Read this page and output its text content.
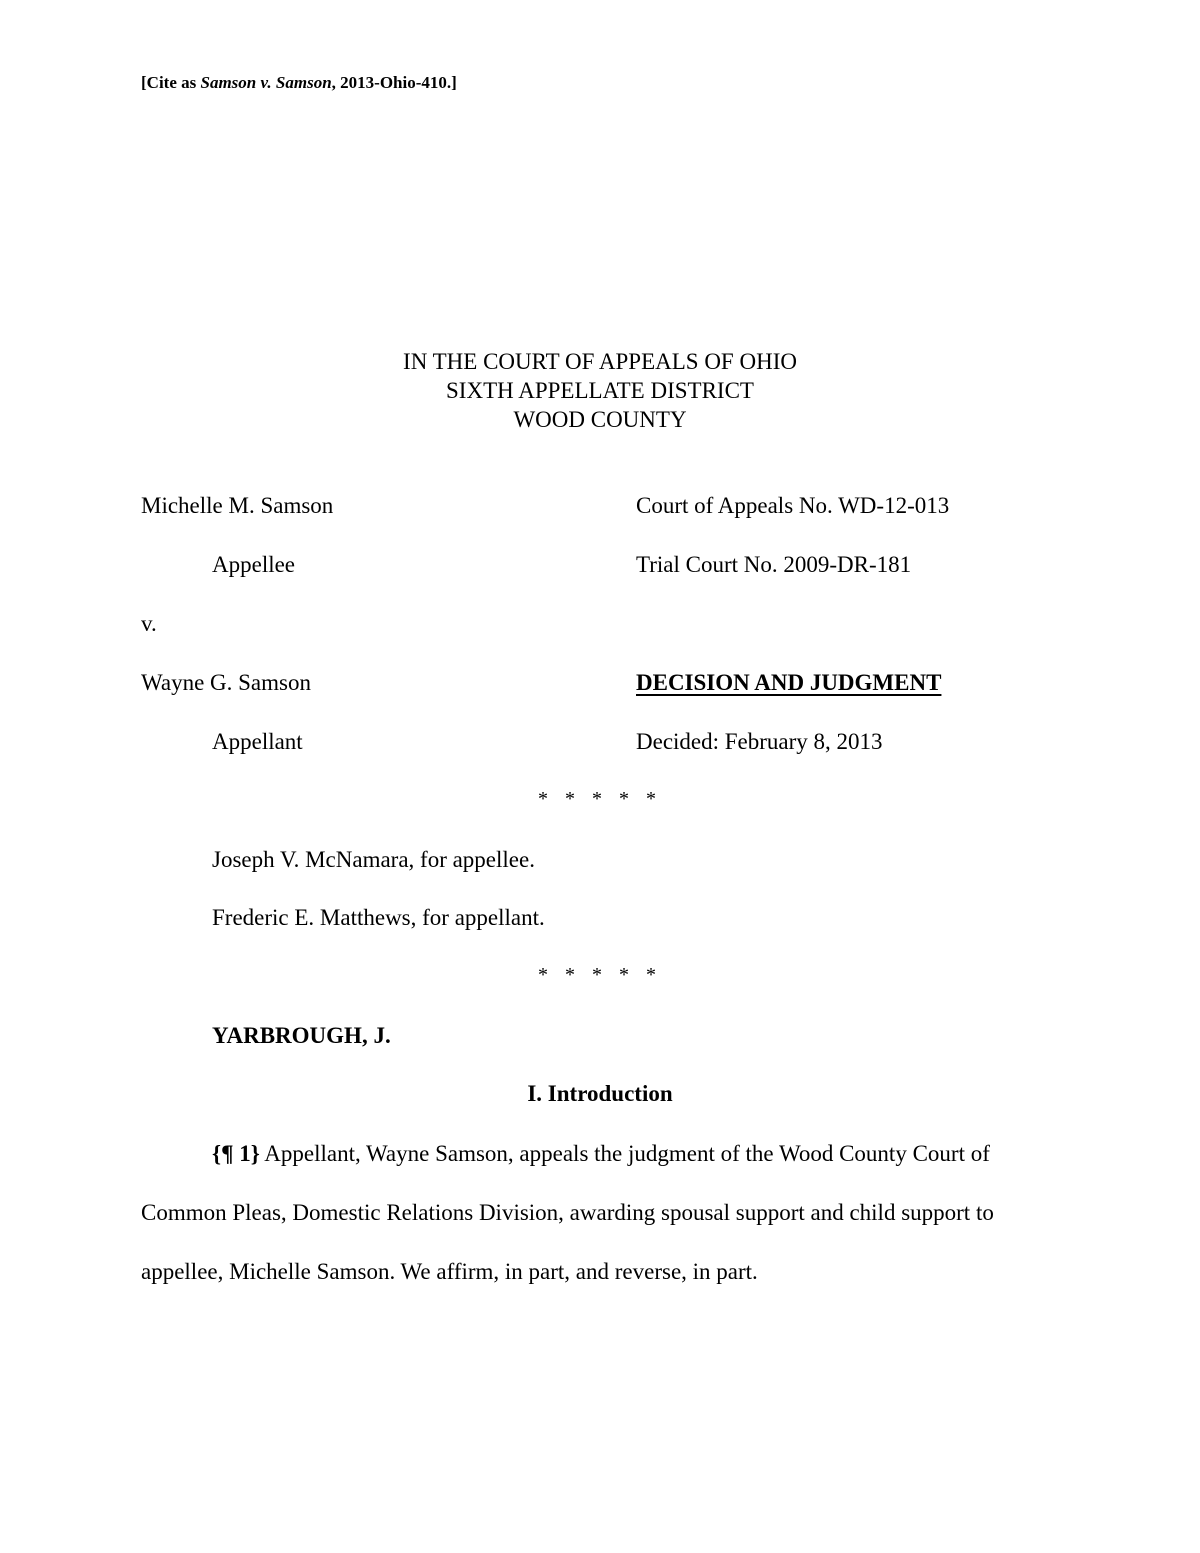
[Cite as Samson v. Samson, 2013-Ohio-410.]
IN THE COURT OF APPEALS OF OHIO
SIXTH APPELLATE DISTRICT
WOOD COUNTY
Michelle M. Samson	Court of Appeals No. WD-12-013
Appellee	Trial Court No. 2009-DR-181
v.
Wayne G. Samson	DECISION AND JUDGMENT
Appellant	Decided: February 8, 2013
* * * * *
Joseph V. McNamara, for appellee.
Frederic E. Matthews, for appellant.
* * * * *
YARBROUGH, J.
I. Introduction
{¶ 1} Appellant, Wayne Samson, appeals the judgment of the Wood County Court of Common Pleas, Domestic Relations Division, awarding spousal support and child support to appellee, Michelle Samson. We affirm, in part, and reverse, in part.
